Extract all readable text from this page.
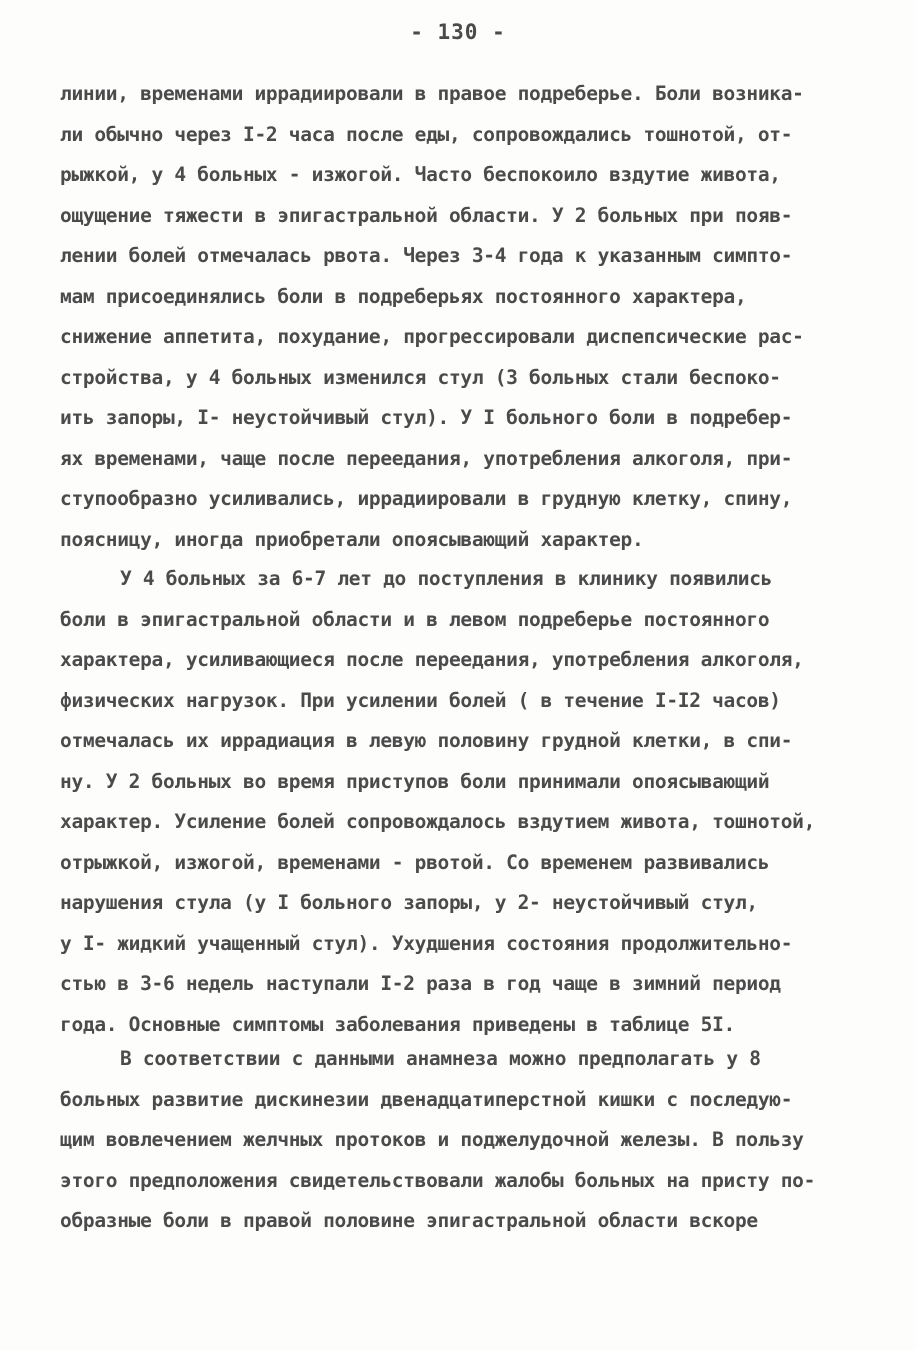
- 130 -
линии, временами иррадиировали в правое подреберье. Боли возника-
ли обычно через I-2 часа после еды, сопровождались тошнотой, от-
рыжкой, у 4 больных - изжогой. Часто беспокоило вздутие живота,
ощущение тяжести в эпигастральной области. У 2 больных при появ-
лении болей отмечалась рвота. Через 3-4 года к указанным симпто-
мам присоединялись боли в подреберьях постоянного характера,
снижение аппетита, похудание, прогрессировали диспепсические рас-
стройства, у 4 больных изменился стул (3 больных стали беспоко-
ить запоры, I- неустойчивый стул). У I больного боли в подребер-
ях временами, чаще после переедания, употребления алкоголя, при-
ступообразно усиливались, иррадиировали в грудную клетку, спину,
поясницу, иногда приобретали опоясывающий характер.
У 4 больных за 6-7 лет до поступления в клинику появились
боли в эпигастральной области и в левом подреберье постоянного
характера, усиливающиеся после переедания, употребления алкоголя,
физических нагрузок. При усилении болей ( в течение I-I2 часов)
отмечалась их иррадиация в левую половину грудной клетки, в спи-
ну. У 2 больных во время приступов боли принимали опоясывающий
характер. Усиление болей сопровождалось вздутием живота, тошнотой,
отрыжкой, изжогой, временами - рвотой. Со временем развивались
нарушения стула (у I больного запоры, у 2- неустойчивый стул,
у I- жидкий учащенный стул). Ухудшения состояния продолжительно-
стью в 3-6 недель наступали I-2 раза в год чаще в зимний период
года. Основные симптомы заболевания приведены в таблице 5I.
В соответствии с данными анамнеза можно предполагать у 8
больных развитие дискинезии двенадцатиперстной кишки с последую-
щим вовлечением желчных протоков и поджелудочной железы. В пользу
этого предположения свидетельствовали жалобы больных на присту по-
образные боли в правой половине эпигастральной области вскоре
